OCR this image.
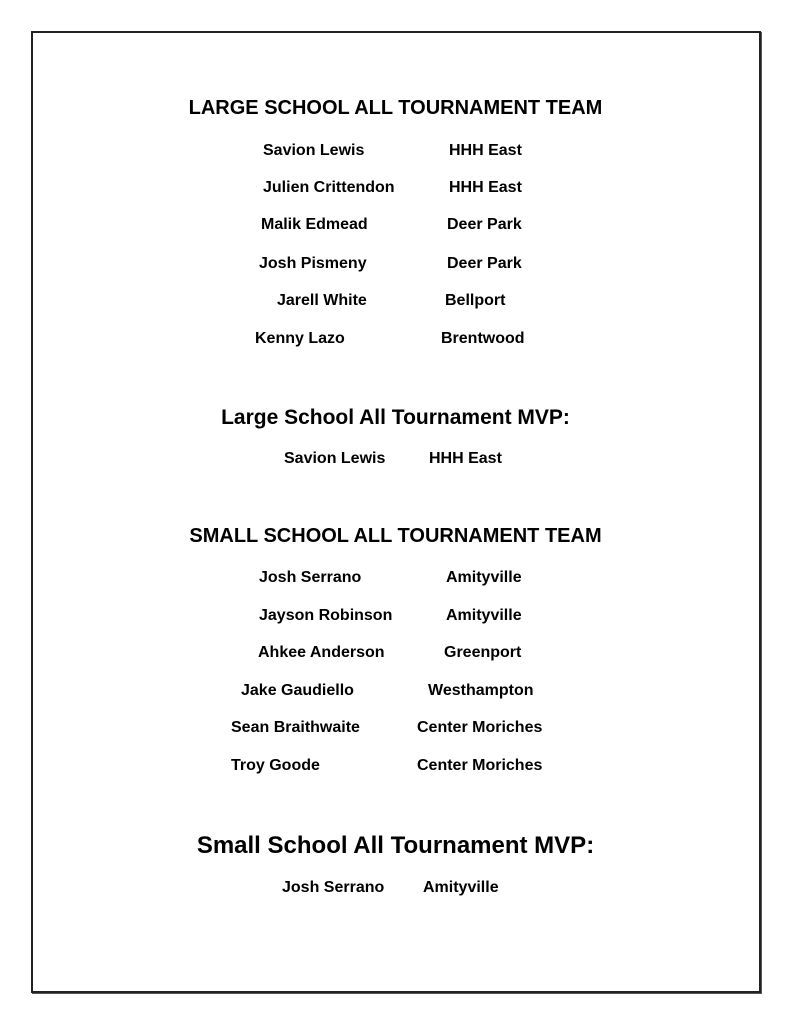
LARGE SCHOOL ALL TOURNAMENT TEAM
Savion Lewis	HHH East
Julien Crittendon	HHH East
Malik Edmead	Deer Park
Josh Pismeny	Deer Park
Jarell White	Bellport
Kenny Lazo	Brentwood
Large School All Tournament MVP:
Savion Lewis	HHH East
SMALL SCHOOL ALL TOURNAMENT TEAM
Josh Serrano	Amityville
Jayson Robinson	Amityville
Ahkee Anderson	Greenport
Jake Gaudiello	Westhampton
Sean Braithwaite	Center Moriches
Troy Goode	Center Moriches
Small School All Tournament MVP:
Josh Serrano Amityville
